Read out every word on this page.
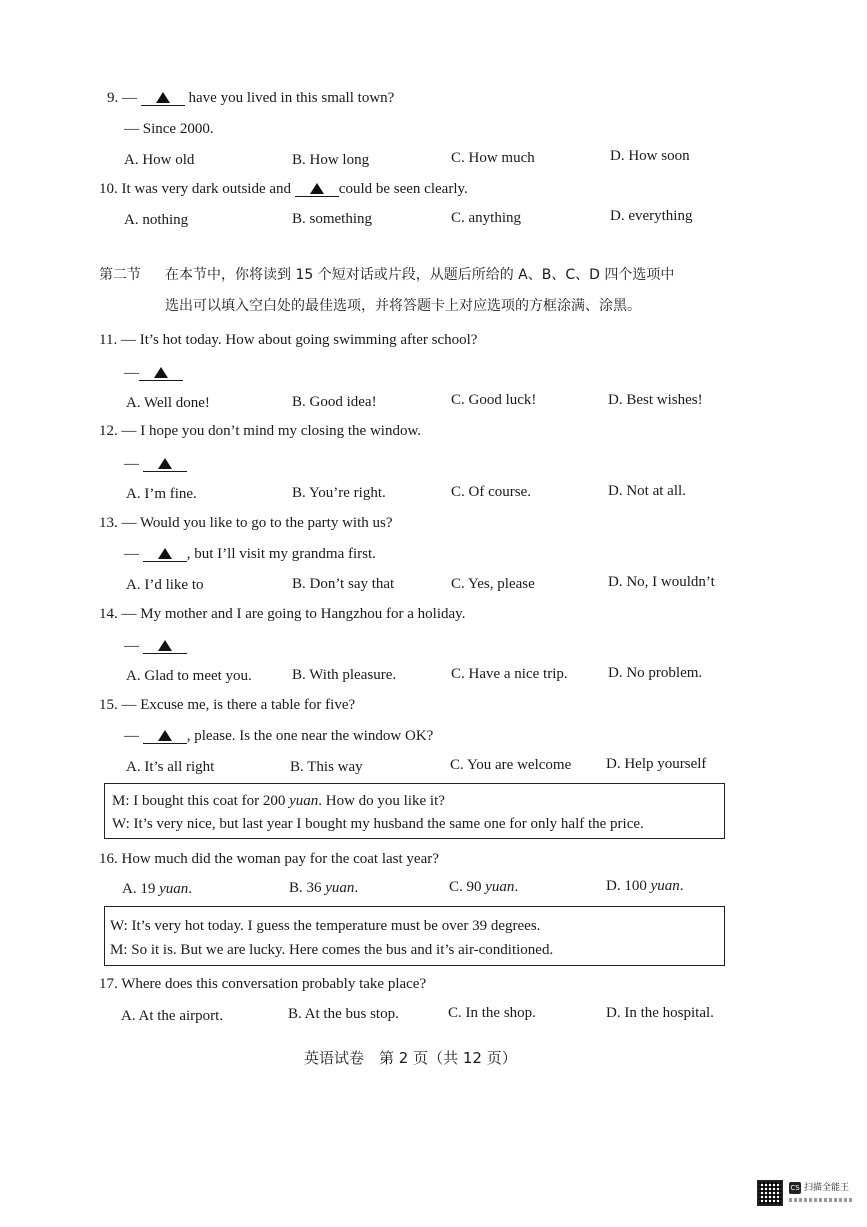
9. —	have you lived in this small town?
— Since 2000.
A. How old	B. How long	C. How much	D. How soon
10. It was very dark outside and	could be seen clearly.
A. nothing	B. something	C. anything	D. everything
第二节 在本节中，你将读到 15 个短对话或片段，从题后所给的 A、B、C、D 四个选项中
选出可以填入空白处的最佳选项，并将答题卡上对应选项的方框涂满、涂黑。
11. — It’s hot today. How about going swimming after school?
—
A. Well done!	B. Good idea!	C. Good luck!	D. Best wishes!
12. — I hope you don’t mind my closing the window.
—
A. I’m fine.	B. You’re right.	C. Of course.	D. Not at all.
13. — Would you like to go to the party with us?
—	, but I’ll visit my grandma first.
A. I’d like to	B. Don’t say that	C. Yes, please	D. No, I wouldn’t
14. — My mother and I are going to Hangzhou for a holiday.
—
A. Glad to meet you.	B. With pleasure.	C. Have a nice trip.	D. No problem.
15. — Excuse me, is there a table for five?
—	, please. Is the one near the window OK?
A. It’s all right	B. This way	C. You are welcome D. Help yourself
M: I bought this coat for 200 yuan. How do you like it?
W: It’s very nice, but last year I bought my husband the same one for only half the price.
16. How much did the woman pay for the coat last year?
A. 19 yuan.	B. 36 yuan.	C. 90 yuan.	D. 100 yuan.
W: It’s very hot today. I guess the temperature must be over 39 degrees.
M: So it is. But we are lucky. Here comes the bus and it’s air-conditioned.
17. Where does this conversation probably take place?
A. At the airport.	B. At the bus stop.	C. In the shop.	D. In the hospital.
英语试卷　第 2 页（共 12 页）
CS 扫描全能王
